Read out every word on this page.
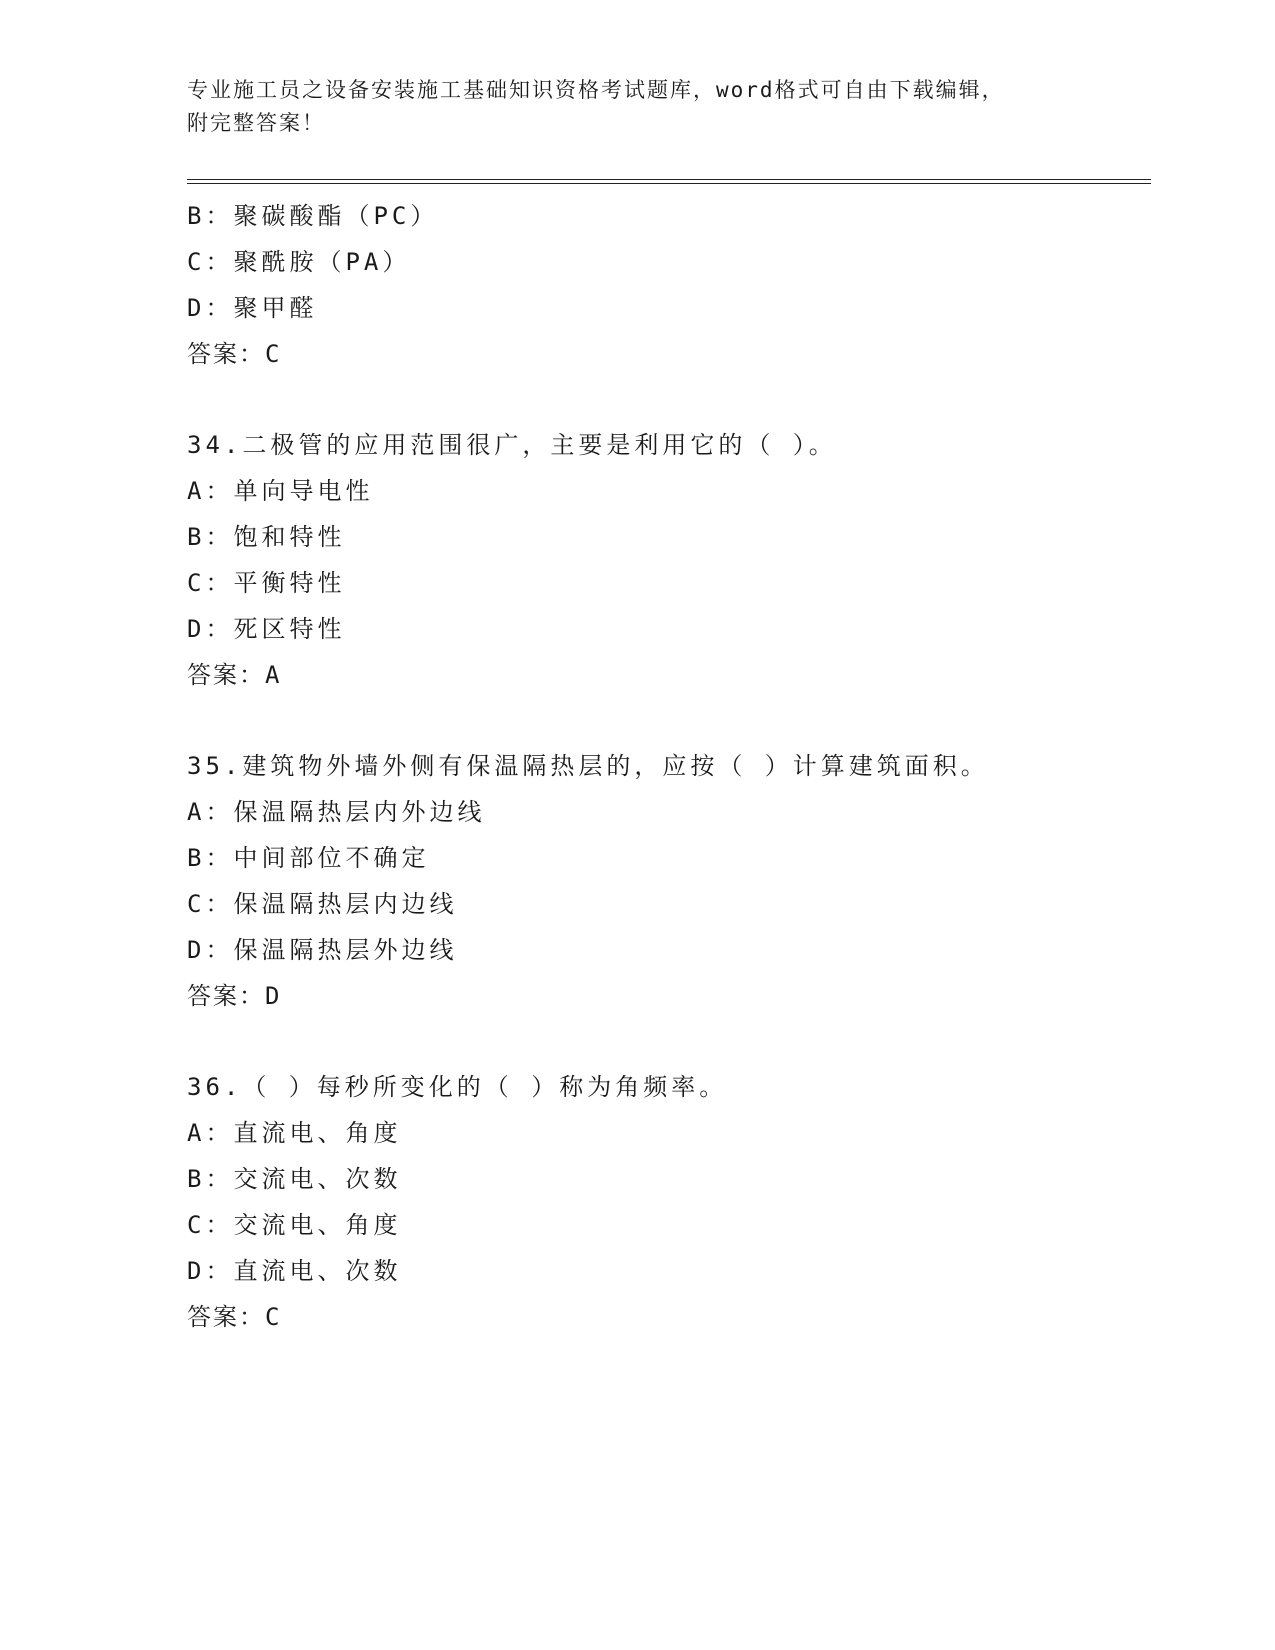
专业施工员之设备安装施工基础知识资格考试题库，word格式可自由下载编辑，
附完整答案！
B：聚碳酸酯（PC）
C：聚酰胺（PA）
D：聚甲醛
答案：C
34.二极管的应用范围很广，主要是利用它的（ ）。
A：单向导电性
B：饱和特性
C：平衡特性
D：死区特性
答案：A
35.建筑物外墙外侧有保温隔热层的，应按（ ）计算建筑面积。
A：保温隔热层内外边线
B：中间部位不确定
C：保温隔热层内边线
D：保温隔热层外边线
答案：D
36.（ ）每秒所变化的（ ）称为角频率。
A：直流电、角度
B：交流电、次数
C：交流电、角度
D：直流电、次数
答案：C
